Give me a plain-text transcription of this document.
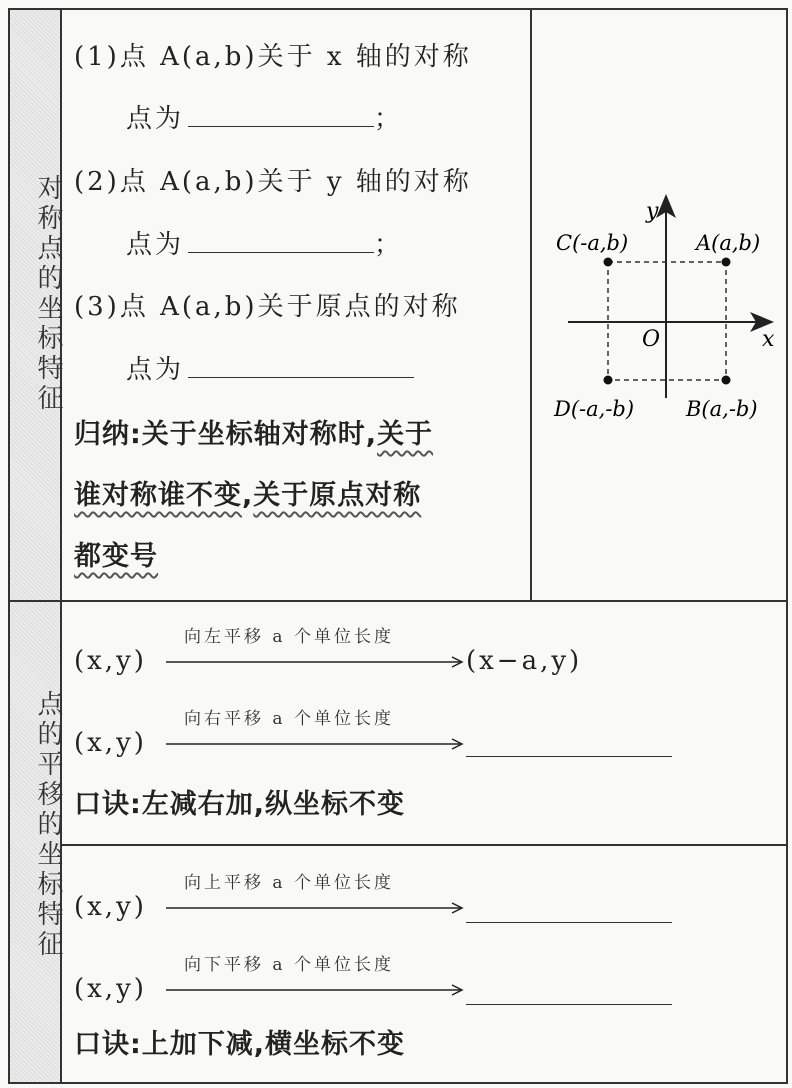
对称点的坐标特征
点的平移的坐标特征
(1)点 A(a,b)关于 x 轴的对称
点为	；
(2)点 A(a,b)关于 y 轴的对称
点为	；
(3)点 A(a,b)关于原点的对称
点为
归纳:关于坐标轴对称时,关于
谁对称谁不变,关于原点对称
都变号
x
y
O
A(a,b)
C(-a,b)
D(-a,-b) B(a,-b)
向左平移 a 个单位长度
(x,y)	(x−a,y)
向右平移 a 个单位长度
(x,y)
口诀:左减右加,纵坐标不变
向上平移 a 个单位长度
(x,y)
向下平移 a 个单位长度
(x,y)
口诀:上加下减,横坐标不变
